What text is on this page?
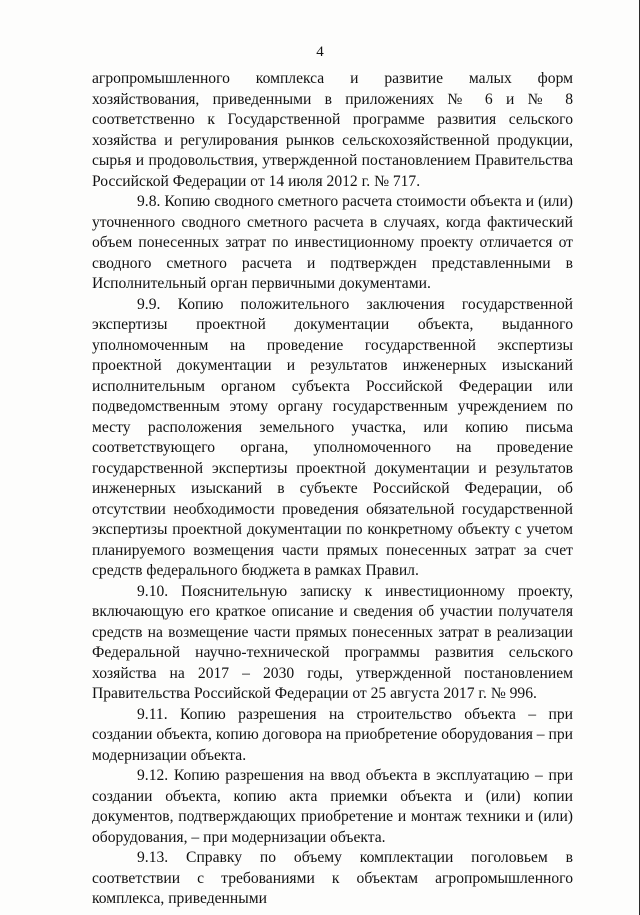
4

агропромышленного комплекса и развитие малых форм хозяйствования, приведенными в приложениях № 6 и № 8 соответственно к Государственной программе развития сельского хозяйства и регулирования рынков сельскохозяйственной продукции, сырья и продовольствия, утвержденной постановлением Правительства Российской Федерации от 14 июля 2012 г. № 717.

9.8. Копию сводного сметного расчета стоимости объекта и (или) уточненного сводного сметного расчета в случаях, когда фактический объем понесенных затрат по инвестиционному проекту отличается от сводного сметного расчета и подтвержден представленными в Исполнительный орган первичными документами.

9.9. Копию положительного заключения государственной экспертизы проектной документации объекта, выданного уполномоченным на проведение государственной экспертизы проектной документации и результатов инженерных изысканий исполнительным органом субъекта Российской Федерации или подведомственным этому органу государственным учреждением по месту расположения земельного участка, или копию письма соответствующего органа, уполномоченного на проведение государственной экспертизы проектной документации и результатов инженерных изысканий в субъекте Российской Федерации, об отсутствии необходимости проведения обязательной государственной экспертизы проектной документации по конкретному объекту с учетом планируемого возмещения части прямых понесенных затрат за счет средств федерального бюджета в рамках Правил.

9.10. Пояснительную записку к инвестиционному проекту, включающую его краткое описание и сведения об участии получателя средств на возмещение части прямых понесенных затрат в реализации Федеральной научно-технической программы развития сельского хозяйства на 2017 – 2030 годы, утвержденной постановлением Правительства Российской Федерации от 25 августа 2017 г. № 996.

9.11. Копию разрешения на строительство объекта – при создании объекта, копию договора на приобретение оборудования – при модернизации объекта.

9.12. Копию разрешения на ввод объекта в эксплуатацию – при создании объекта, копию акта приемки объекта и (или) копии документов, подтверждающих приобретение и монтаж техники и (или) оборудования, – при модернизации объекта.

9.13. Справку по объему комплектации поголовьем в соответствии с требованиями к объектам агропромышленного комплекса, приведенными
